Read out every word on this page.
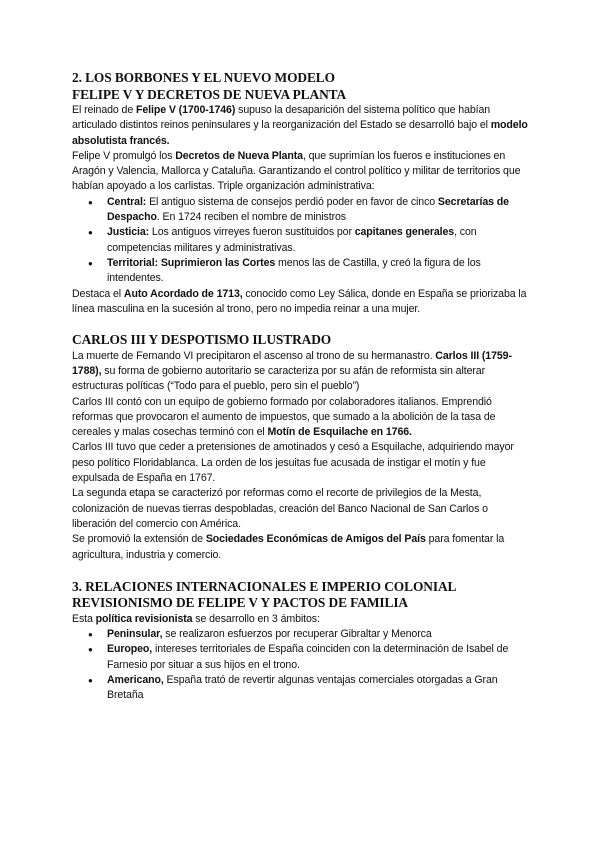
2. LOS BORBONES Y EL NUEVO MODELO
FELIPE V Y DECRETOS DE NUEVA PLANTA

El reinado de Felipe V (1700-1746) supuso la desaparición del sistema político que habían articulado distintos reinos peninsulares y la reorganización del Estado se desarrolló bajo el modelo absolutista francés.

Felipe V promulgó los Decretos de Nueva Planta, que suprimían los fueros e instituciones en Aragón y Valencia, Mallorca y Cataluña. Garantizando el control político y militar de territorios que habían apoyado a los carlistas. Triple organización administrativa:

● Central: El antiguo sistema de consejos perdió poder en favor de cinco Secretarías de Despacho. En 1724 reciben el nombre de ministros
● Justicia: Los antiguos virreyes fueron sustituidos por capitanes generales, con competencias militares y administrativas.
● Territorial: Suprimieron las Cortes menos las de Castilla, y creó la figura de los intendentes.

Destaca el Auto Acordado de 1713, conocido como Ley Sálica, donde en España se priorizaba la línea masculina en la sucesión al trono, pero no impedia reinar a una mujer.

CARLOS III Y DESPOTISMO ILUSTRADO

La muerte de Fernando VI precipitaron el ascenso al trono de su hermanastro. Carlos III (1759-1788), su forma de gobierno autoritario se caracteriza por su afán de reformista sin alterar estructuras políticas (“Todo para el pueblo, pero sin el pueblo”)

Carlos III contó con un equipo de gobierno formado por colaboradores italianos. Emprendió reformas que provocaron el aumento de impuestos, que sumado a la abolición de la tasa de cereales y malas cosechas terminó con el Motín de Esquilache en 1766.

Carlos III tuvo que ceder a pretensiones de amotinados y cesó a Esquilache, adquiriendo mayor peso político Floridablanca. La orden de los jesuitas fue acusada de instigar el motín y fue expulsada de España en 1767.

La segunda etapa se caracterizó por reformas como el recorte de privilegios de la Mesta, colonización de nuevas tierras despobladas, creación del Banco Nacional de San Carlos o liberación del comercio con América.

Se promovió la extensión de Sociedades Económicas de Amigos del País para fomentar la agricultura, industria y comercio.

3. RELACIONES INTERNACIONALES E IMPERIO COLONIAL
REVISIONISMO DE FELIPE V Y PACTOS DE FAMILIA

Esta política revisionista se desarrollo en 3 ámbitos:

● Peninsular, se realizaron esfuerzos por recuperar Gibraltar y Menorca
● Europeo, intereses territoriales de España coinciden con la determinación de Isabel de Farnesio por situar a sus hijos en el trono.
● Americano, España trató de revertir algunas ventajas comerciales otorgadas a Gran Bretaña
